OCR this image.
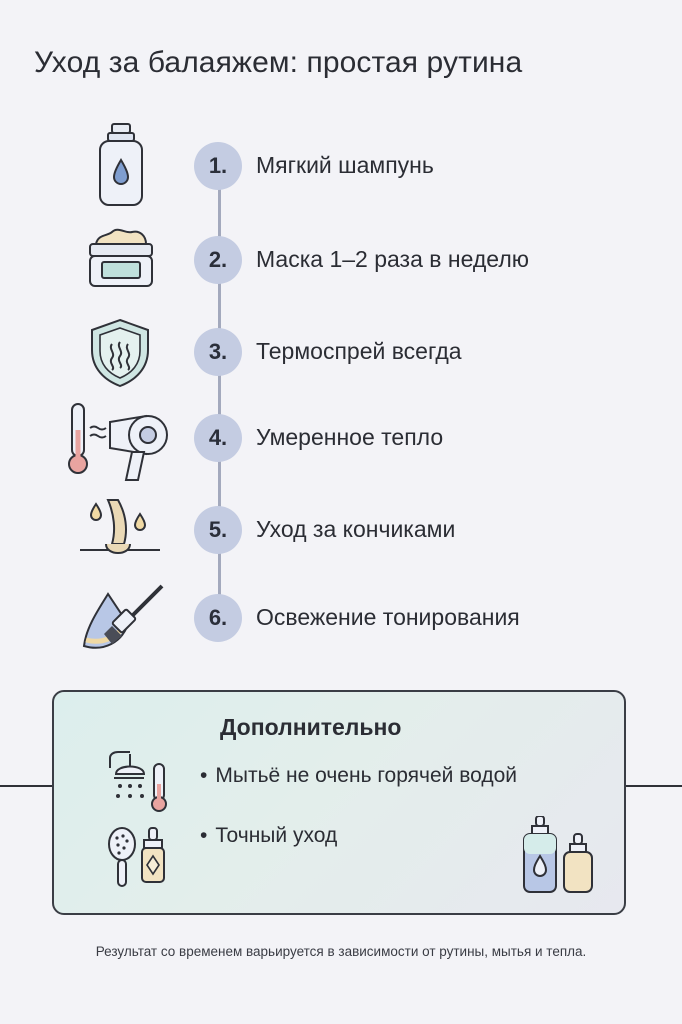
Уход за балаяжем: простая рутина
1.	Мягкий шампунь
2.	Маска 1–2 раза в неделю
3.	Термоспрей всегда
4.	Умеренное тепло
5.	Уход за кончиками
6.	Освежение тонирования
Дополнительно
• Мытьё не очень горячей водой
• Точный уход
Результат со временем варьируется в зависимости от рутины, мытья и тепла.
